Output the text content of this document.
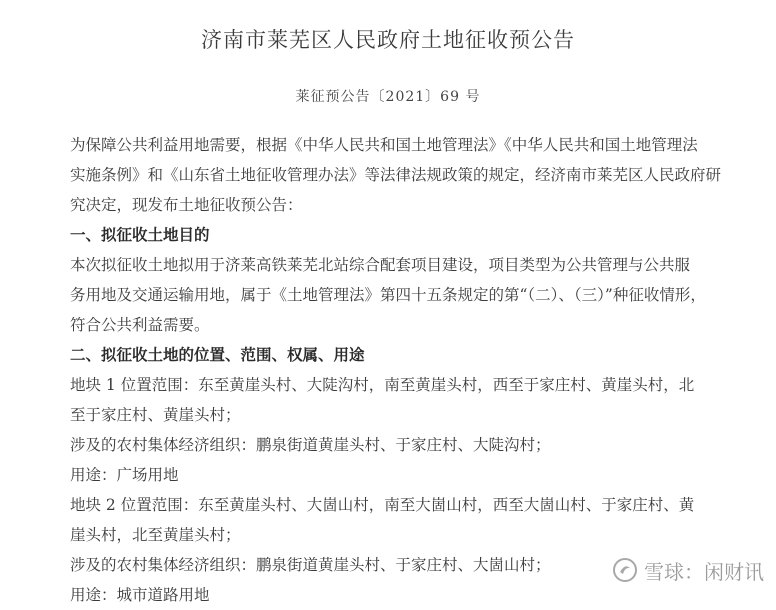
济南市莱芜区人民政府土地征收预公告
莱征预公告〔2021〕69 号
为保障公共利益用地需要，根据《中华人民共和国土地管理法》《中华人民共和国土地管理法
实施条例》和《山东省土地征收管理办法》等法律法规政策的规定，经济南市莱芜区人民政府研
究决定，现发布土地征收预公告：
一、拟征收土地目的
本次拟征收土地拟用于济莱高铁莱芜北站综合配套项目建设，项目类型为公共管理与公共服
务用地及交通运输用地，属于《土地管理法》第四十五条规定的第“（二）、（三）”种征收情形，
符合公共利益需要。
二、拟征收土地的位置、范围、权属、用途
地块 1 位置范围：东至黄崖头村、大陡沟村，南至黄崖头村，西至于家庄村、黄崖头村，北
至于家庄村、黄崖头村；
涉及的农村集体经济组织：鹏泉街道黄崖头村、于家庄村、大陡沟村；
用途：广场用地
地块 2 位置范围：东至黄崖头村、大崮山村，南至大崮山村，西至大崮山村、于家庄村、黄
崖头村，北至黄崖头村；
涉及的农村集体经济组织：鹏泉街道黄崖头村、于家庄村、大崮山村；
用途：城市道路用地
雪球：闲财讯
